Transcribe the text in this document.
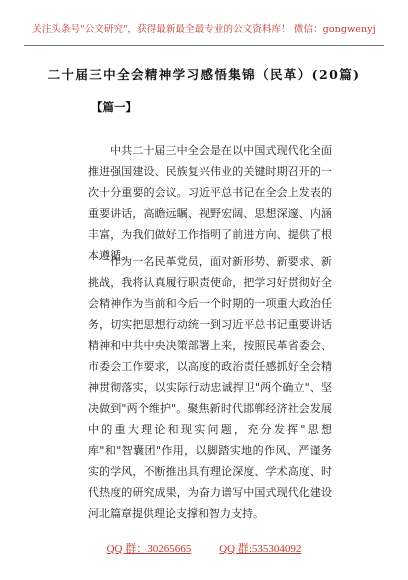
关注头条号"公文研究"，获得最新最全最专业的公文资料库！ 微信：gongwenyj
二十届三中全会精神学习感悟集锦（民革）(20篇)
【篇一】
中共二十届三中全会是在以中国式现代化全面推进强国建设、民族复兴伟业的关键时期召开的一次十分重要的会议。习近平总书记在全会上发表的重要讲话，高瞻远瞩、视野宏阔、思想深邃、内涵丰富，为我们做好工作指明了前进方向、提供了根本遵循。
作为一名民革党员，面对新形势、新要求、新挑战，我将认真履行职责使命，把学习好贯彻好全会精神作为当前和今后一个时期的一项重大政治任务，切实把思想行动统一到习近平总书记重要讲话精神和中共中央决策部署上来，按照民革省委会、市委会工作要求，以高度的政治责任感抓好全会精神贯彻落实，以实际行动忠诚捍卫"两个确立"、坚决做到"两个维护"。聚焦新时代邯郸经济社会发展中的重大理论和现实问题，充分发挥"思想库"和"智囊团"作用，以脚踏实地的作风、严谨务实的学风，不断推出具有理论深度、学术高度、时代热度的研究成果，为奋力谱写中国式现代化建设河北篇章提供理论支撑和智力支持。
QQ 群：30265665	QQ 群:535304092
